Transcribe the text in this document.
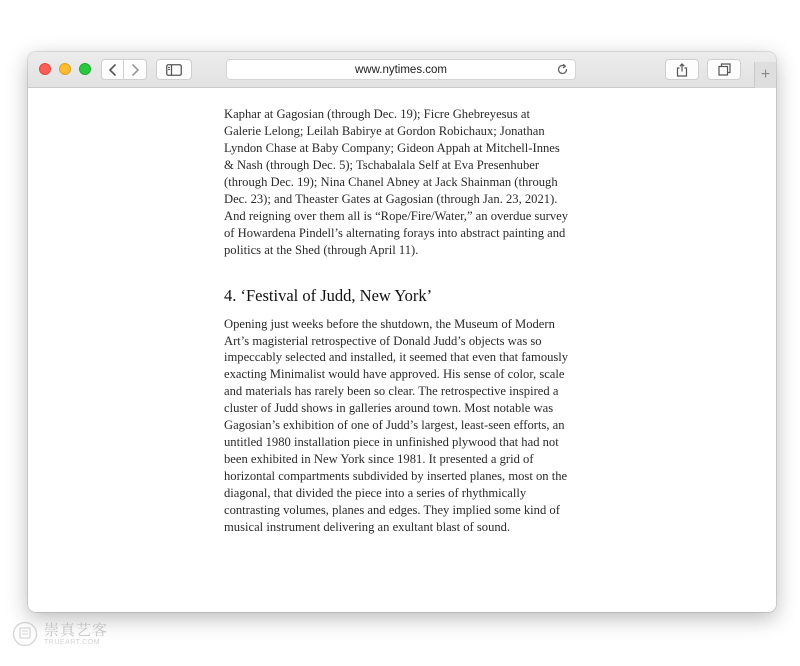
www.nytimes.com	+

Kaphar at Gagosian (through Dec. 19); Ficre Ghebreyesus at Galerie Lelong; Leilah Babirye at Gordon Robichaux; Jonathan Lyndon Chase at Baby Company; Gideon Appah at Mitchell-Innes & Nash (through Dec. 5); Tschabalala Self at Eva Presenhuber (through Dec. 19); Nina Chanel Abney at Jack Shainman (through Dec. 23); and Theaster Gates at Gagosian (through Jan. 23, 2021). And reigning over them all is “Rope/Fire/Water,” an overdue survey of Howardena Pindell’s alternating forays into abstract painting and politics at the Shed (through April 11).

4. ‘Festival of Judd, New York’

Opening just weeks before the shutdown, the Museum of Modern Art’s magisterial retrospective of Donald Judd’s objects was so impeccably selected and installed, it seemed that even that famously exacting Minimalist would have approved. His sense of color, scale and materials has rarely been so clear. The retrospective inspired a cluster of Judd shows in galleries around town. Most notable was Gagosian’s exhibition of one of Judd’s largest, least-seen efforts, an untitled 1980 installation piece in unfinished plywood that had not been exhibited in New York since 1981. It presented a grid of horizontal compartments subdivided by inserted planes, most on the diagonal, that divided the piece into a series of rhythmically contrasting volumes, planes and edges. They implied some kind of musical instrument delivering an exultant blast of sound.

崇真艺客
TRUEART.COM
